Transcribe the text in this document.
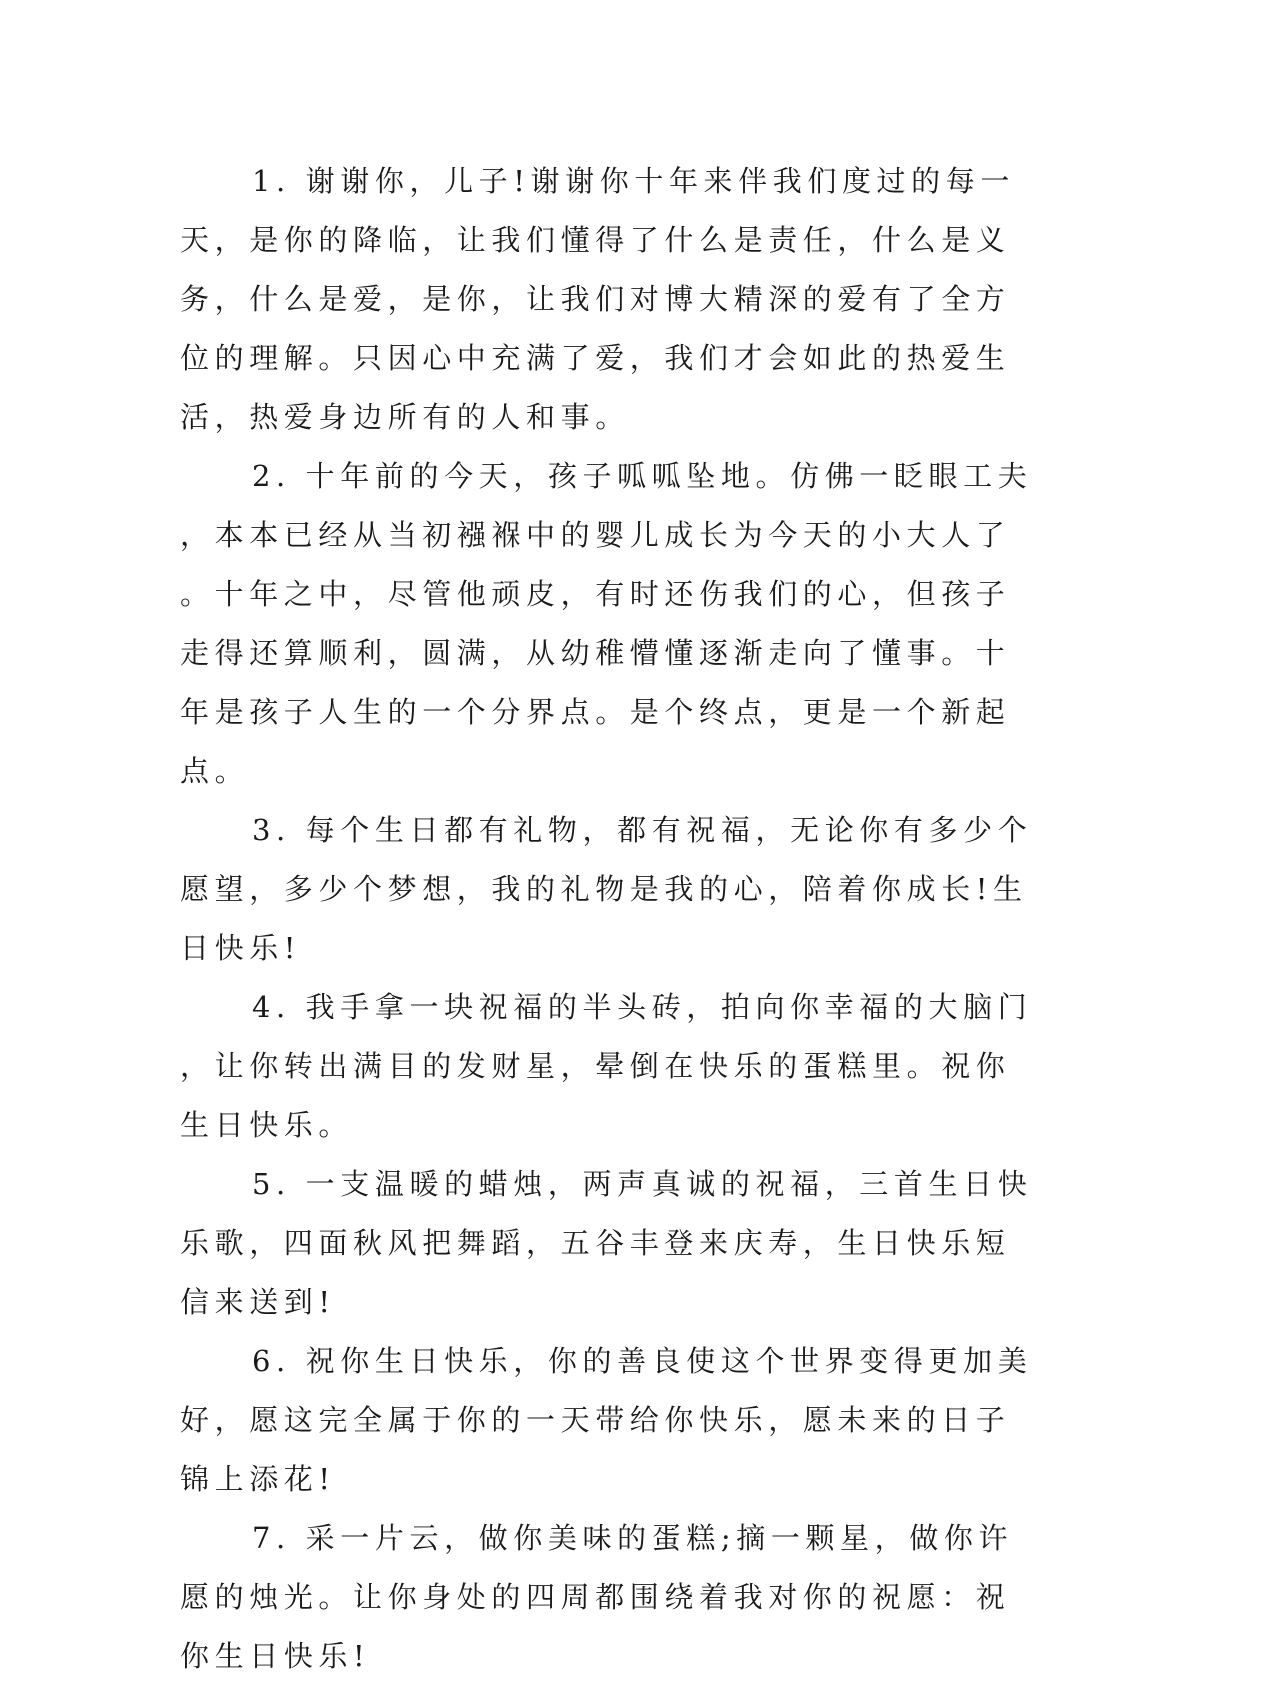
1. 谢谢你，儿子!谢谢你十年来伴我们度过的每一天，是你的降临，让我们懂得了什么是责任，什么是义务，什么是爱，是你，让我们对博大精深的爱有了全方位的理解。只因心中充满了爱，我们才会如此的热爱生活，热爱身边所有的人和事。

2. 十年前的今天，孩子呱呱坠地。仿佛一眨眼工夫，本本已经从当初襁褓中的婴儿成长为今天的小大人了。十年之中，尽管他顽皮，有时还伤我们的心，但孩子走得还算顺利，圆满，从幼稚懵懂逐渐走向了懂事。十年是孩子人生的一个分界点。是个终点，更是一个新起点。

3. 每个生日都有礼物，都有祝福，无论你有多少个愿望，多少个梦想，我的礼物是我的心，陪着你成长!生日快乐!

4. 我手拿一块祝福的半头砖，拍向你幸福的大脑门，让你转出满目的发财星，晕倒在快乐的蛋糕里。祝你生日快乐。

5. 一支温暖的蜡烛，两声真诚的祝福，三首生日快乐歌，四面秋风把舞蹈，五谷丰登来庆寿，生日快乐短信来送到!

6. 祝你生日快乐，你的善良使这个世界变得更加美好，愿这完全属于你的一天带给你快乐，愿未来的日子锦上添花!

7. 采一片云，做你美味的蛋糕;摘一颗星，做你许愿的烛光。让你身处的四周都围绕着我对你的祝愿：祝你生日快乐!
